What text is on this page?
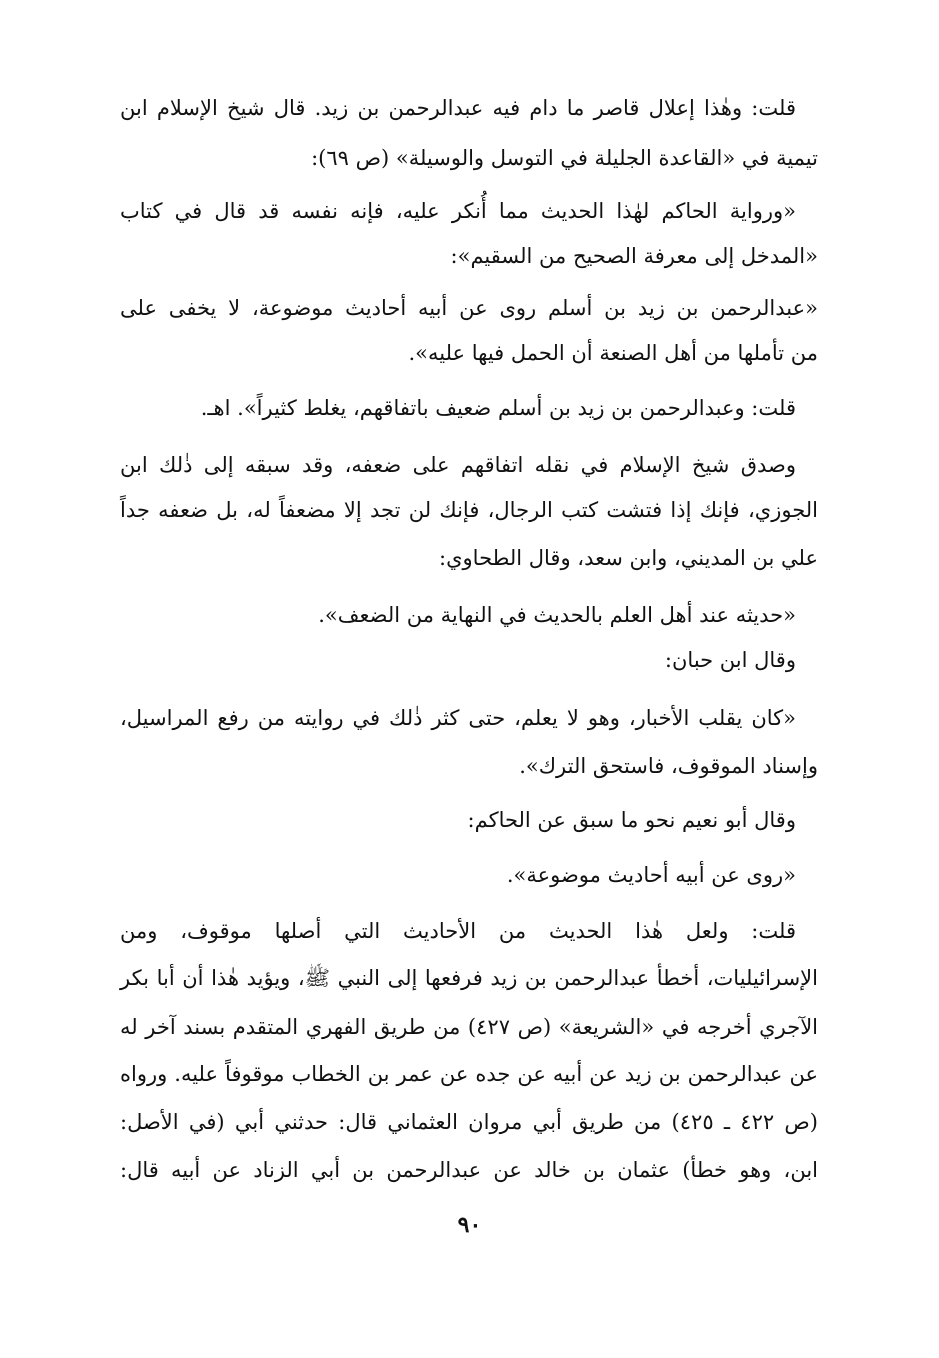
قلت: وهٰذا إعلال قاصر ما دام فيه عبدالرحمن بن زيد. قال شيخ الإسلام ابن
تيمية في «القاعدة الجليلة في التوسل والوسيلة» (ص ٦٩):
«ورواية الحاكم لهٰذا الحديث مما أُنكر عليه، فإنه نفسه قد قال في كتاب
«المدخل إلى معرفة الصحيح من السقيم»:
«عبدالرحمن بن زيد بن أسلم روى عن أبيه أحاديث موضوعة، لا يخفى على
من تأملها من أهل الصنعة أن الحمل فيها عليه».
قلت: وعبدالرحمن بن زيد بن أسلم ضعيف باتفاقهم، يغلط كثيراً». اهـ.
وصدق شيخ الإسلام في نقله اتفاقهم على ضعفه، وقد سبقه إلى ذٰلك ابن
الجوزي، فإنك إذا فتشت كتب الرجال، فإنك لن تجد إلا مضعفاً له، بل ضعفه جداً
علي بن المديني، وابن سعد، وقال الطحاوي:
«حديثه عند أهل العلم بالحديث في النهاية من الضعف».
وقال ابن حبان:
«كان يقلب الأخبار، وهو لا يعلم، حتى كثر ذٰلك في روايته من رفع المراسيل،
وإسناد الموقوف، فاستحق الترك».
وقال أبو نعيم نحو ما سبق عن الحاكم:
«روى عن أبيه أحاديث موضوعة».
قلت: ولعل هٰذا الحديث من الأحاديث التي أصلها موقوف، ومن
الإسرائيليات، أخطأ عبدالرحمن بن زيد فرفعها إلى النبي ﷺ، ويؤيد هٰذا أن أبا بكر
الآجري أخرجه في «الشريعة» (ص ٤٢٧) من طريق الفهري المتقدم بسند آخر له
عن عبدالرحمن بن زيد عن أبيه عن جده عن عمر بن الخطاب موقوفاً عليه. ورواه
(ص ٤٢٢ ـ ٤٢٥) من طريق أبي مروان العثماني قال: حدثني أبي (في الأصل:
ابن، وهو خطأ) عثمان بن خالد عن عبدالرحمن بن أبي الزناد عن أبيه قال:
٩٠
